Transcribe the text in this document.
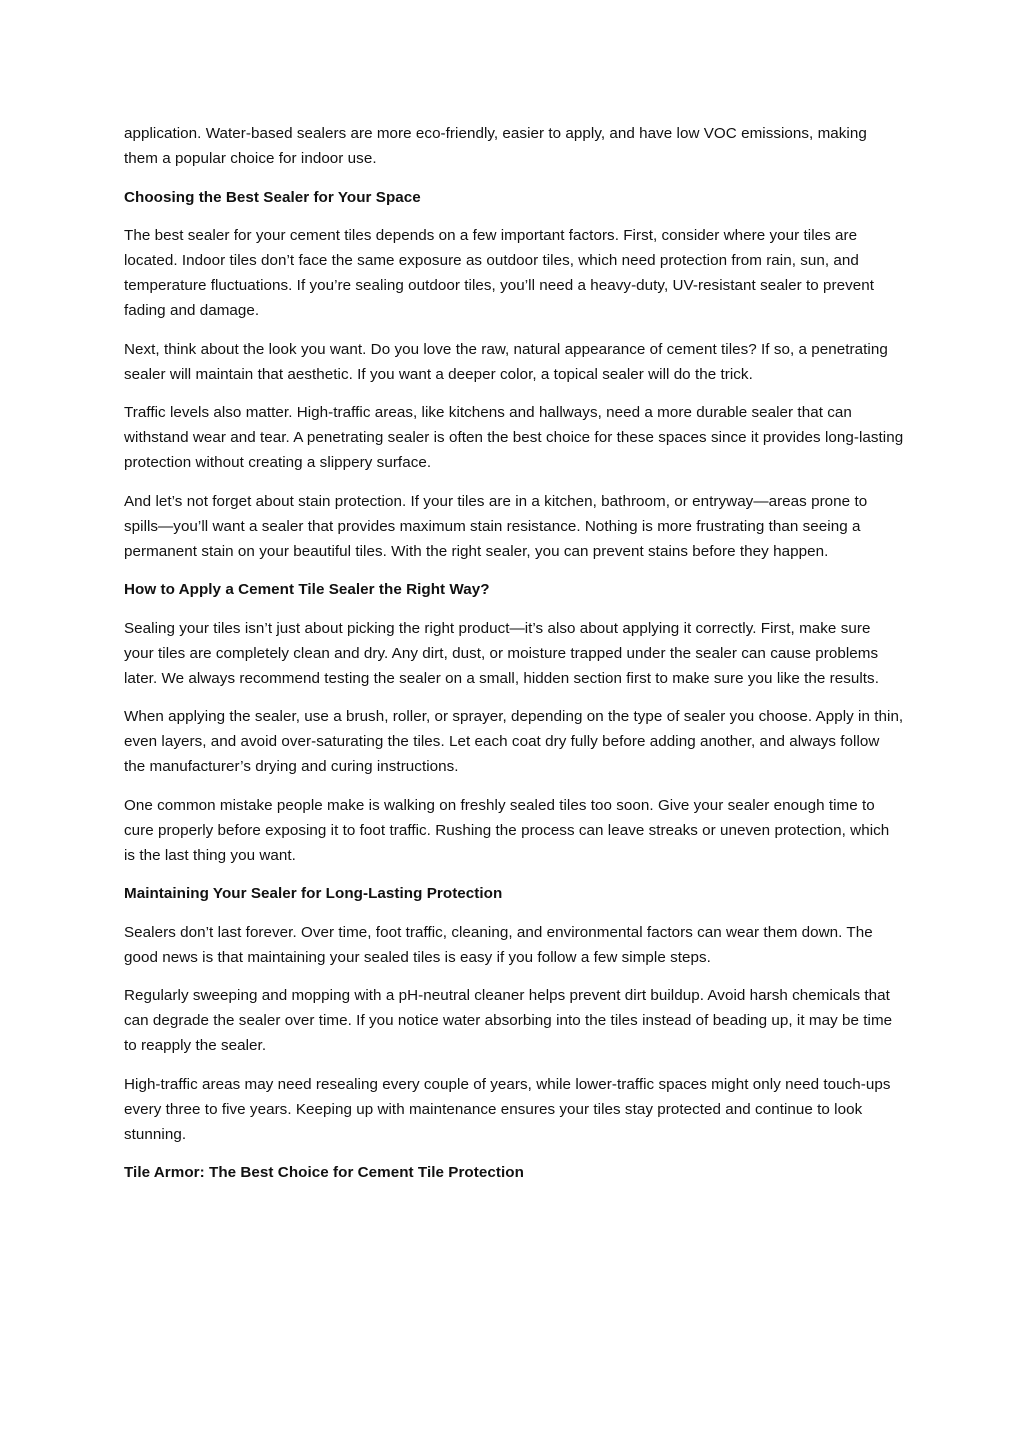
application. Water-based sealers are more eco-friendly, easier to apply, and have low VOC emissions, making them a popular choice for indoor use.

Choosing the Best Sealer for Your Space

The best sealer for your cement tiles depends on a few important factors. First, consider where your tiles are located. Indoor tiles don’t face the same exposure as outdoor tiles, which need protection from rain, sun, and temperature fluctuations. If you’re sealing outdoor tiles, you’ll need a heavy-duty, UV-resistant sealer to prevent fading and damage.

Next, think about the look you want. Do you love the raw, natural appearance of cement tiles? If so, a penetrating sealer will maintain that aesthetic. If you want a deeper color, a topical sealer will do the trick.

Traffic levels also matter. High-traffic areas, like kitchens and hallways, need a more durable sealer that can withstand wear and tear. A penetrating sealer is often the best choice for these spaces since it provides long-lasting protection without creating a slippery surface.

And let’s not forget about stain protection. If your tiles are in a kitchen, bathroom, or entryway—areas prone to spills—you’ll want a sealer that provides maximum stain resistance. Nothing is more frustrating than seeing a permanent stain on your beautiful tiles. With the right sealer, you can prevent stains before they happen.

How to Apply a Cement Tile Sealer the Right Way?

Sealing your tiles isn’t just about picking the right product—it’s also about applying it correctly. First, make sure your tiles are completely clean and dry. Any dirt, dust, or moisture trapped under the sealer can cause problems later. We always recommend testing the sealer on a small, hidden section first to make sure you like the results.

When applying the sealer, use a brush, roller, or sprayer, depending on the type of sealer you choose. Apply in thin, even layers, and avoid over-saturating the tiles. Let each coat dry fully before adding another, and always follow the manufacturer’s drying and curing instructions.

One common mistake people make is walking on freshly sealed tiles too soon. Give your sealer enough time to cure properly before exposing it to foot traffic. Rushing the process can leave streaks or uneven protection, which is the last thing you want.

Maintaining Your Sealer for Long-Lasting Protection

Sealers don’t last forever. Over time, foot traffic, cleaning, and environmental factors can wear them down. The good news is that maintaining your sealed tiles is easy if you follow a few simple steps.

Regularly sweeping and mopping with a pH-neutral cleaner helps prevent dirt buildup. Avoid harsh chemicals that can degrade the sealer over time. If you notice water absorbing into the tiles instead of beading up, it may be time to reapply the sealer.

High-traffic areas may need resealing every couple of years, while lower-traffic spaces might only need touch-ups every three to five years. Keeping up with maintenance ensures your tiles stay protected and continue to look stunning.

Tile Armor: The Best Choice for Cement Tile Protection
